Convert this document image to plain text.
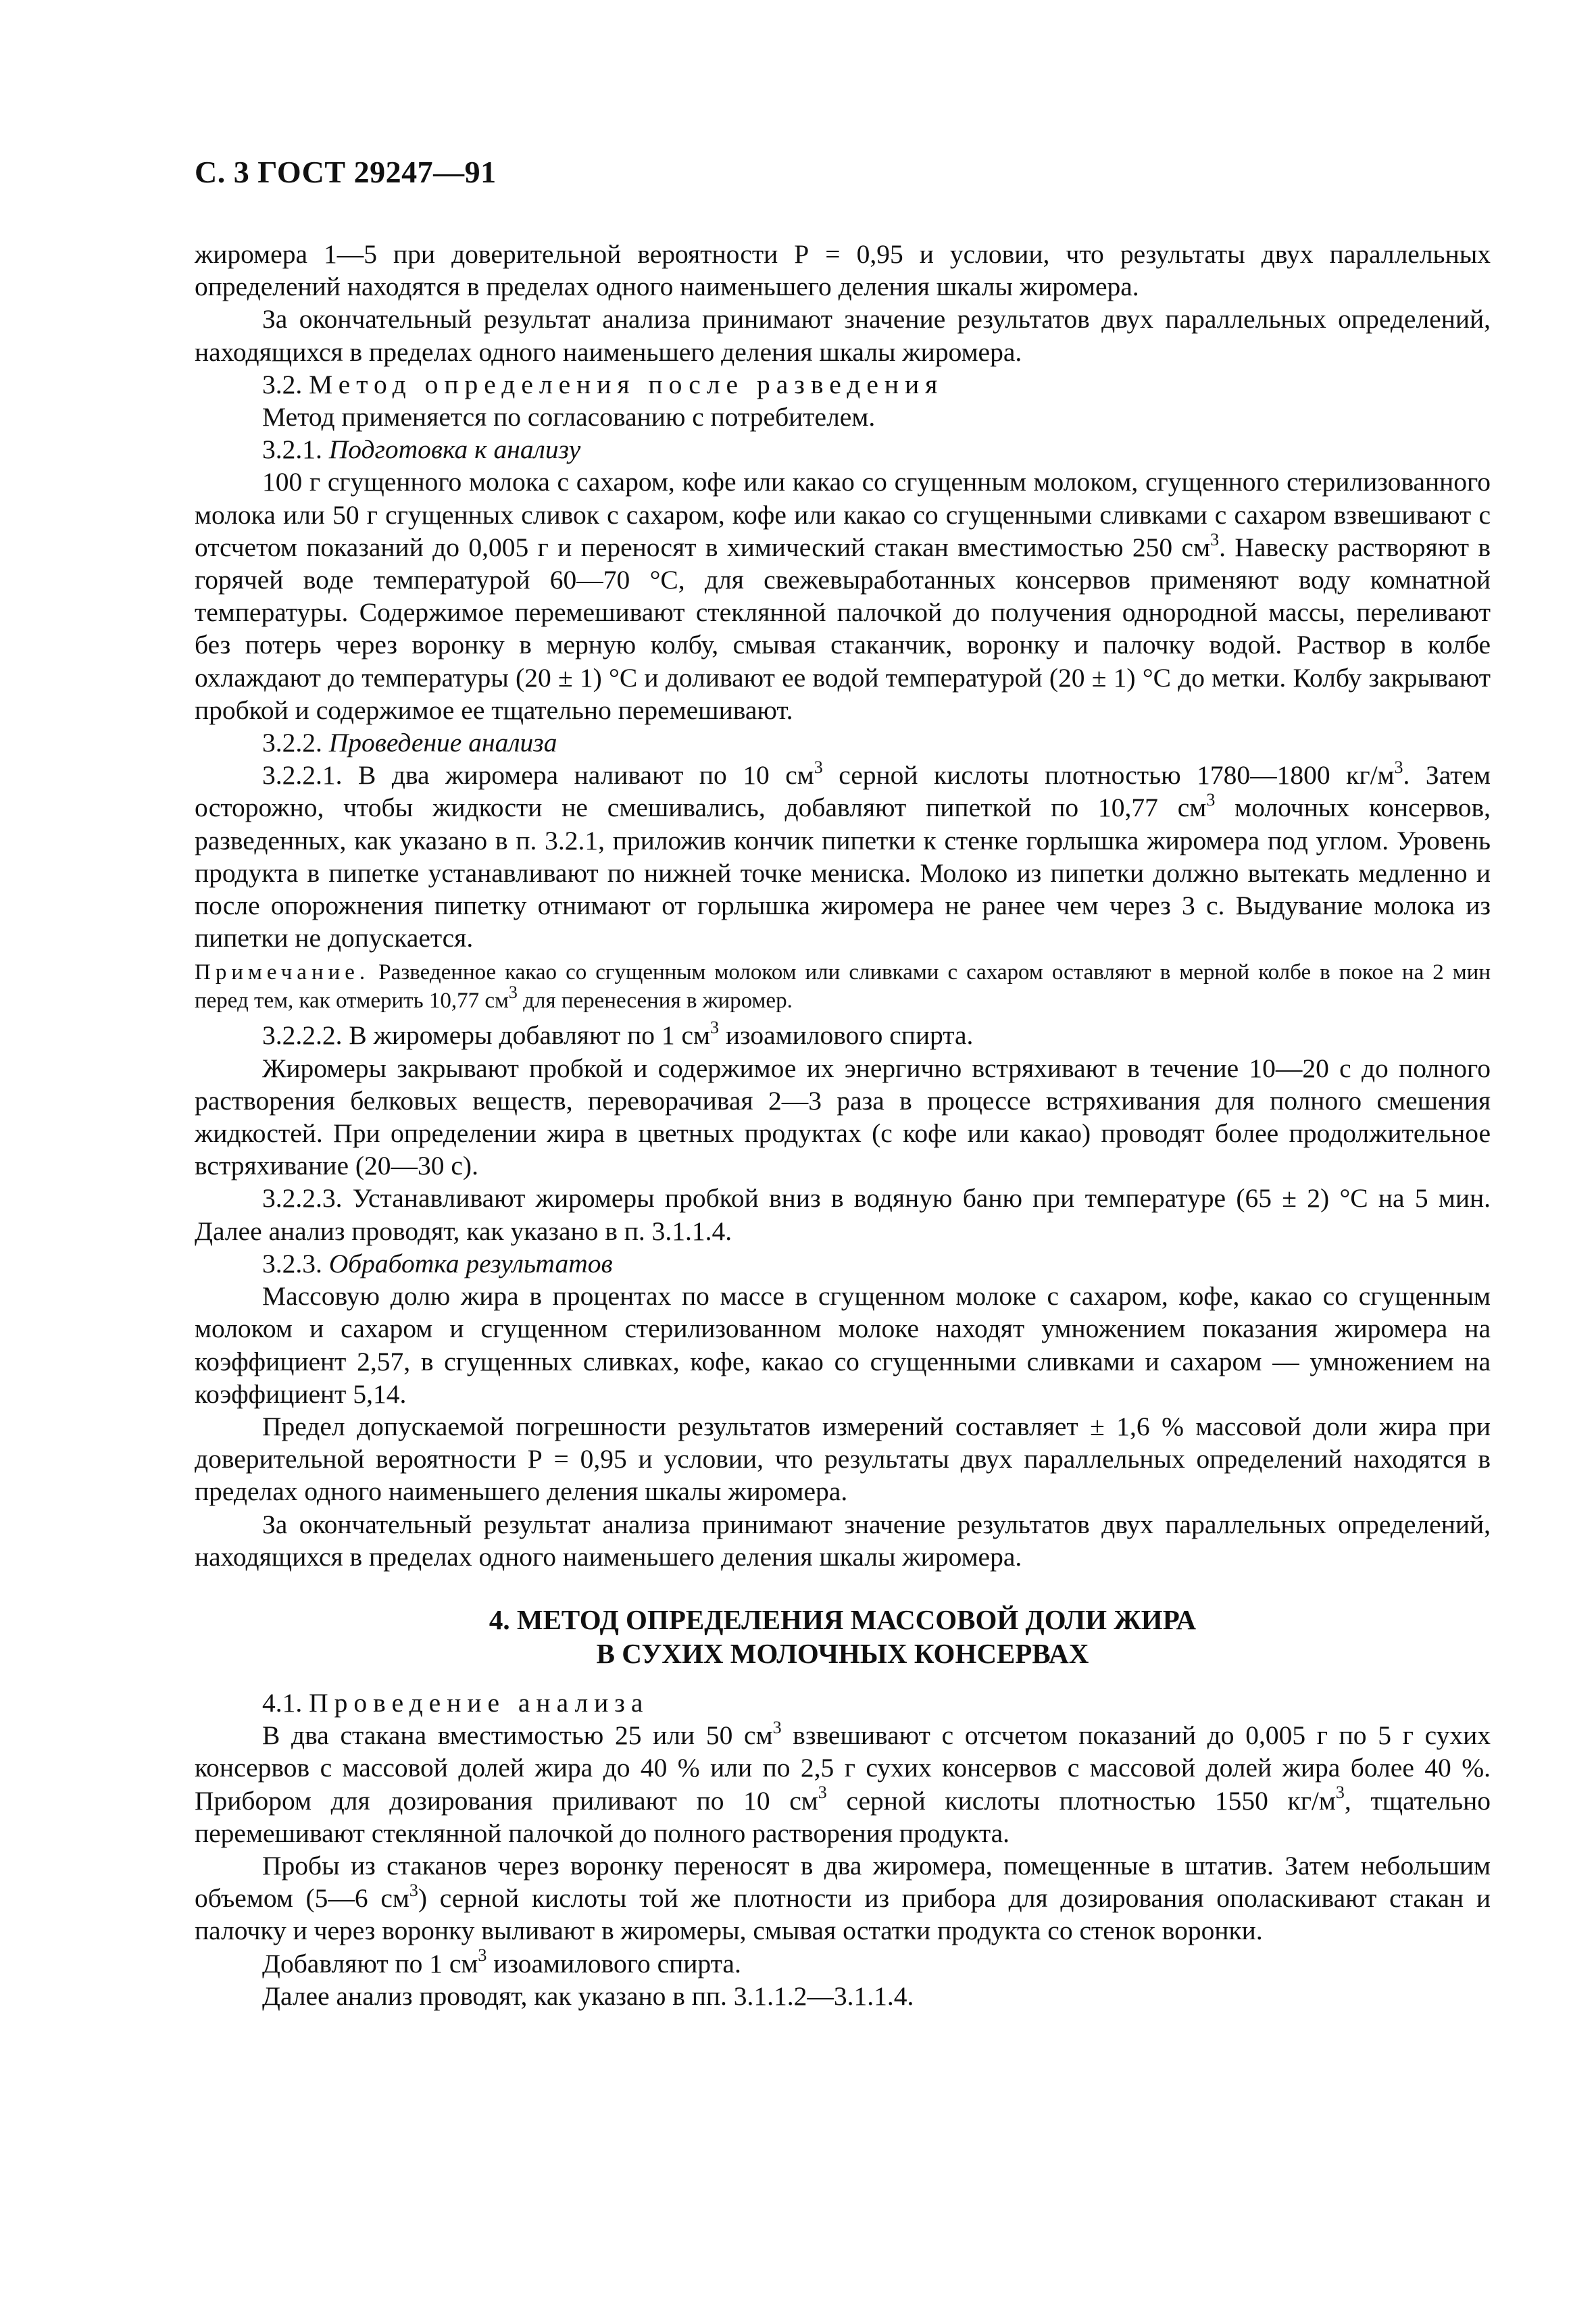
С. 3 ГОСТ 29247—91

жиромера 1—5 при доверительной вероятности Р = 0,95 и условии, что результаты двух параллельных определений находятся в пределах одного наименьшего деления шкалы жиромера.

За окончательный результат анализа принимают значение результатов двух параллельных определений, находящихся в пределах одного наименьшего деления шкалы жиромера.

3.2. Метод определения после разведения

Метод применяется по согласованию с потребителем.

3.2.1. Подготовка к анализу

100 г сгущенного молока с сахаром, кофе или какао со сгущенным молоком, сгущенного стерилизованного молока или 50 г сгущенных сливок с сахаром, кофе или какао со сгущенными сливками с сахаром взвешивают с отсчетом показаний до 0,005 г и переносят в химический стакан вместимостью 250 $см^3$. Навеску растворяют в горячей воде температурой 60—70 °С, для свежевыработанных консервов применяют воду комнатной температуры. Содержимое перемешивают стеклянной палочкой до получения однородной массы, переливают без потерь через воронку в мерную колбу, смывая стаканчик, воронку и палочку водой. Раствор в колбе охлаждают до температуры (20 ± 1) °С и доливают ее водой температурой (20 ± 1) °С до метки. Колбу закрывают пробкой и содержимое ее тщательно перемешивают.

3.2.2. Проведение анализа

3.2.2.1. В два жиромера наливают по 10 $см^3$ серной кислоты плотностью 1780—1800 $кг/м^3$. Затем осторожно, чтобы жидкости не смешивались, добавляют пипеткой по 10,77 $см^3$ молочных консервов, разведенных, как указано в п. 3.2.1, приложив кончик пипетки к стенке горлышка жиромера под углом. Уровень продукта в пипетке устанавливают по нижней точке мениска. Молоко из пипетки должно вытекать медленно и после опорожнения пипетку отнимают от горлышка жиромера не ранее чем через 3 с. Выдувание молока из пипетки не допускается.

Примечание. Разведенное какао со сгущенным молоком или сливками с сахаром оставляют в мерной колбе в покое на 2 мин перед тем, как отмерить 10,77 $см^3$ для перенесения в жиромер.

3.2.2.2. В жиромеры добавляют по 1 $см^3$ изоамилового спирта.

Жиромеры закрывают пробкой и содержимое их энергично встряхивают в течение 10—20 с до полного растворения белковых веществ, переворачивая 2—3 раза в процессе встряхивания для полного смешения жидкостей. При определении жира в цветных продуктах (с кофе или какао) проводят более продолжительное встряхивание (20—30 с).

3.2.2.3. Устанавливают жиромеры пробкой вниз в водяную баню при температуре (65 ± 2) °С на 5 мин. Далее анализ проводят, как указано в п. 3.1.1.4.

3.2.3. Обработка результатов

Массовую долю жира в процентах по массе в сгущенном молоке с сахаром, кофе, какао со сгущенным молоком и сахаром и сгущенном стерилизованном молоке находят умножением показания жиромера на коэффициент 2,57, в сгущенных сливках, кофе, какао со сгущенными сливками и сахаром — умножением на коэффициент 5,14.

Предел допускаемой погрешности результатов измерений составляет ± 1,6 % массовой доли жира при доверительной вероятности Р = 0,95 и условии, что результаты двух параллельных определений находятся в пределах одного наименьшего деления шкалы жиромера.

За окончательный результат анализа принимают значение результатов двух параллельных определений, находящихся в пределах одного наименьшего деления шкалы жиромера.

4. МЕТОД ОПРЕДЕЛЕНИЯ МАССОВОЙ ДОЛИ ЖИРА
В СУХИХ МОЛОЧНЫХ КОНСЕРВАХ

4.1. Проведение анализа

В два стакана вместимостью 25 или 50 $см^3$ взвешивают с отсчетом показаний до 0,005 г по 5 г сухих консервов с массовой долей жира до 40 % или по 2,5 г сухих консервов с массовой долей жира более 40 %. Прибором для дозирования приливают по 10 $см^3$ серной кислоты плотностью 1550 $кг/м^3$, тщательно перемешивают стеклянной палочкой до полного растворения продукта.

Пробы из стаканов через воронку переносят в два жиромера, помещенные в штатив. Затем небольшим объемом (5—6 $см^3$) серной кислоты той же плотности из прибора для дозирования ополаскивают стакан и палочку и через воронку выливают в жиромеры, смывая остатки продукта со стенок воронки.

Добавляют по 1 $см^3$ изоамилового спирта.

Далее анализ проводят, как указано в пп. 3.1.1.2—3.1.1.4.
